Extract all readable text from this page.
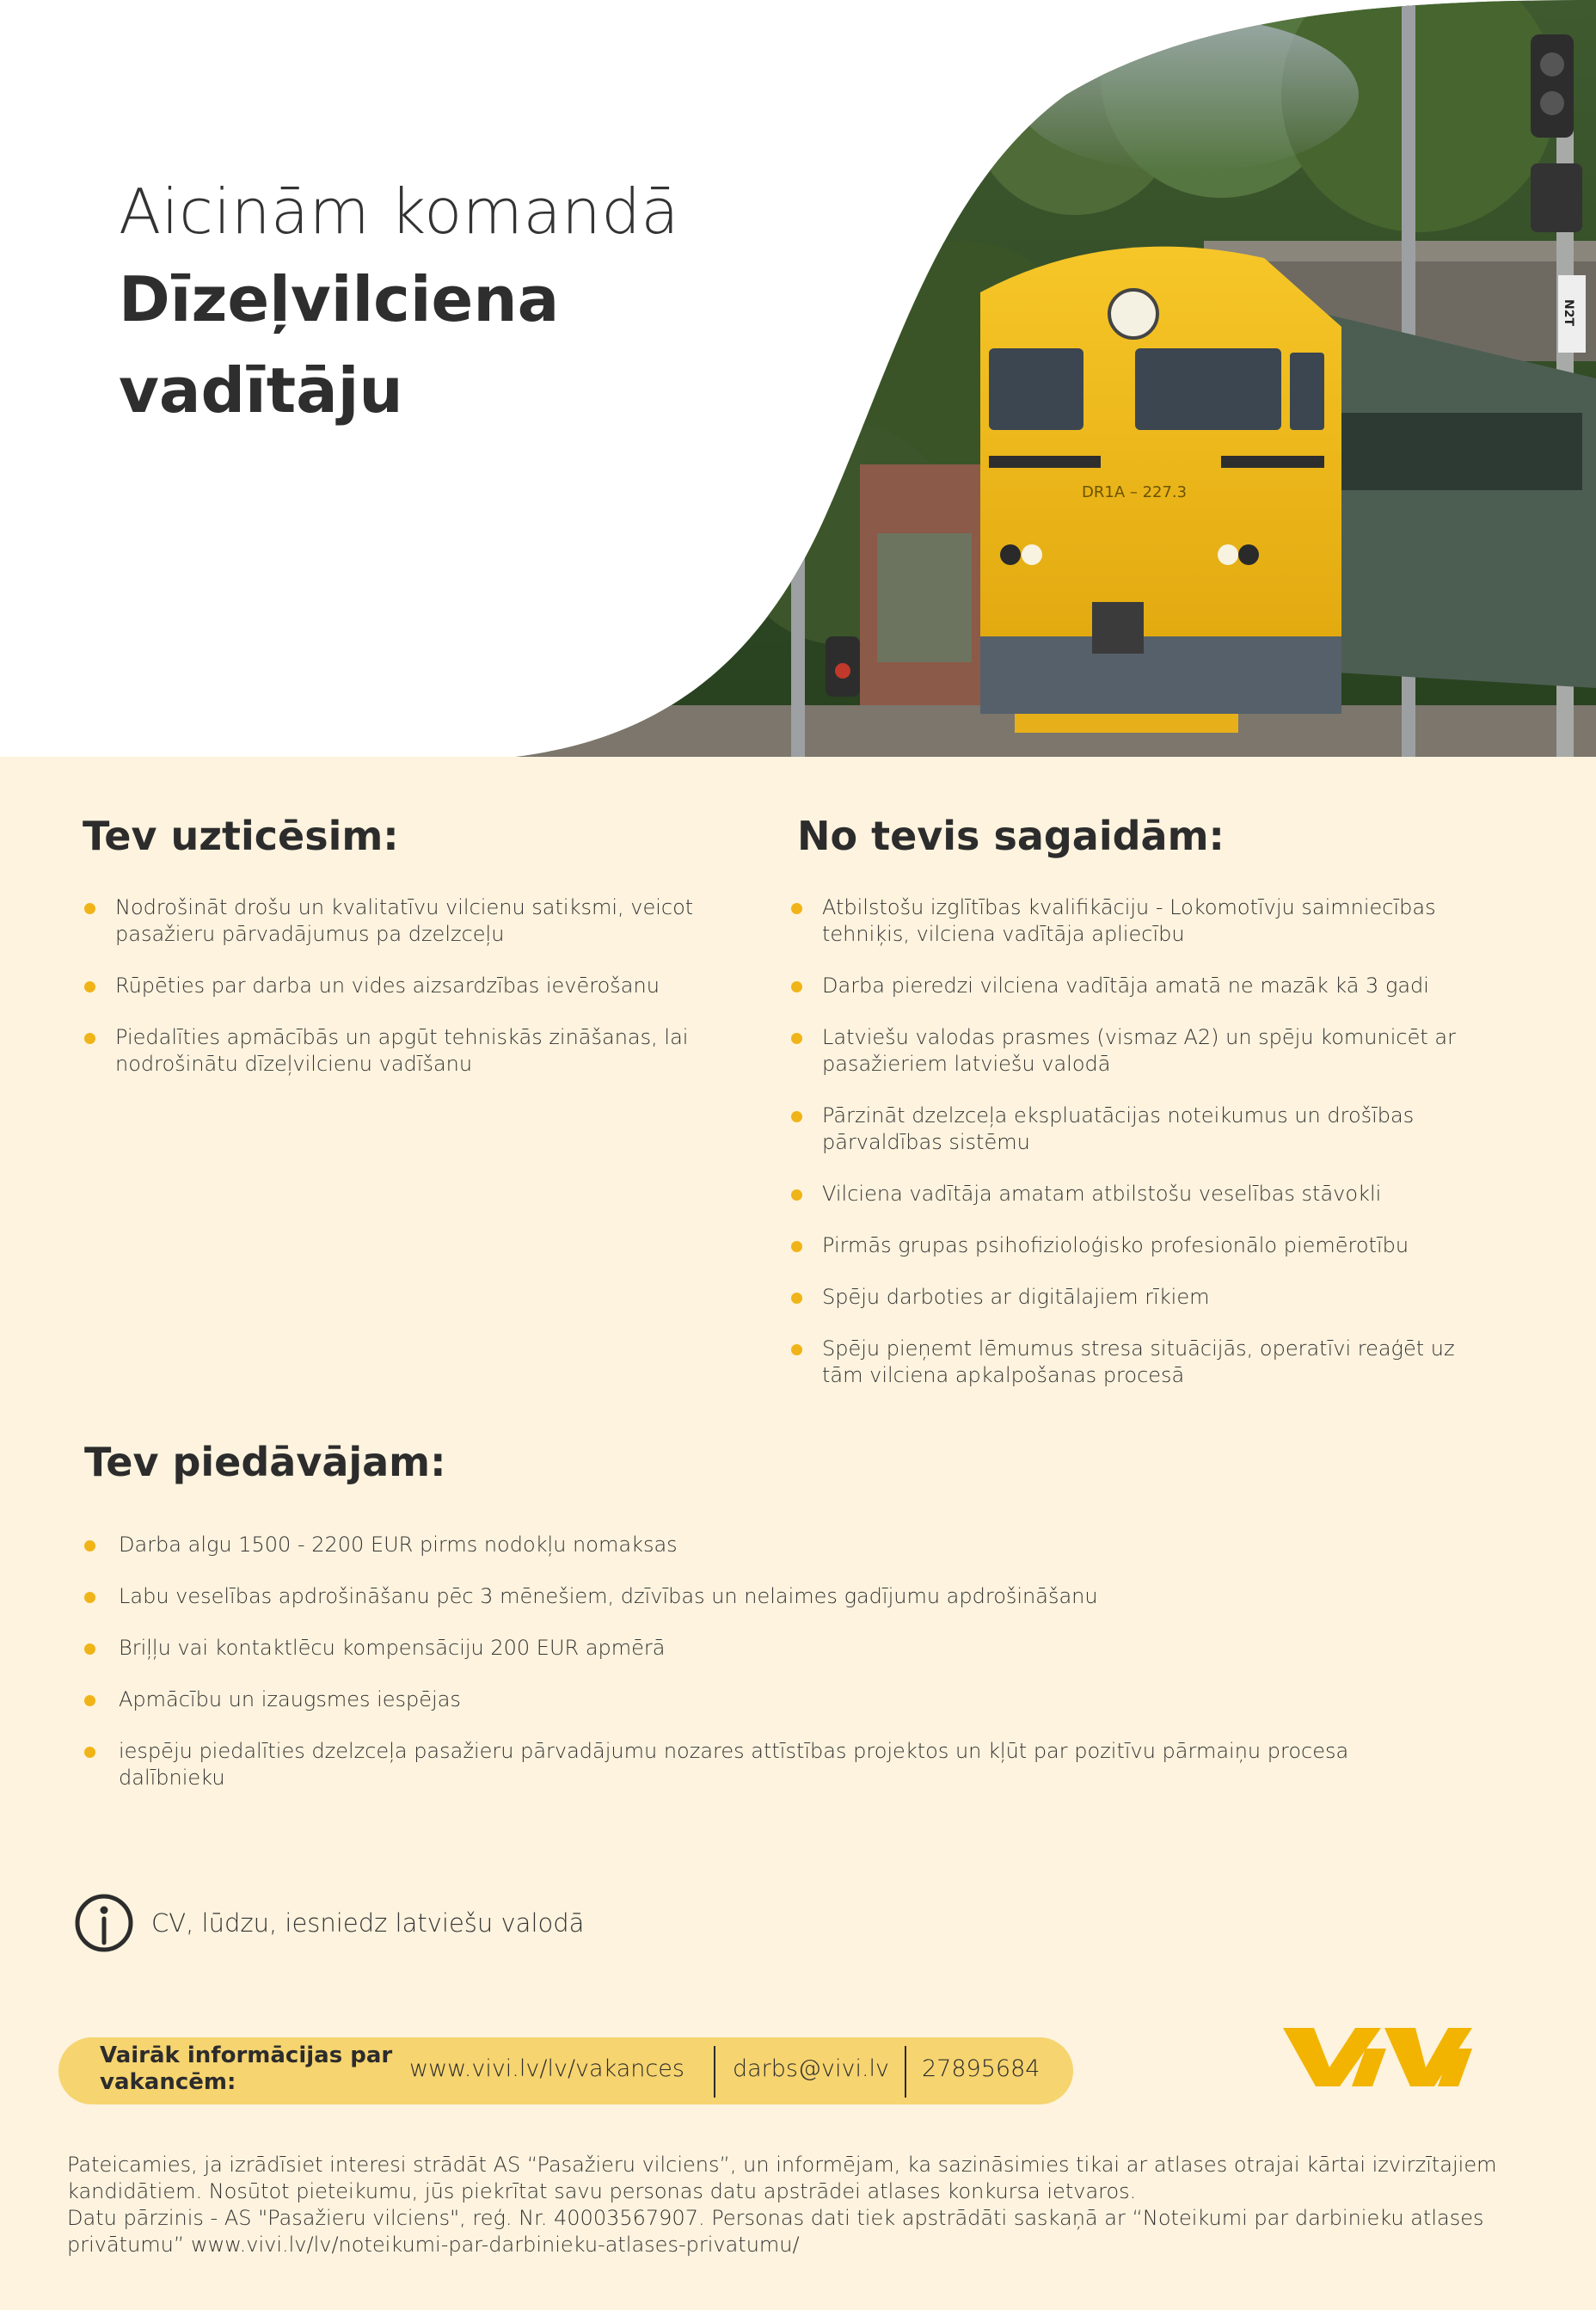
DR1A – 227.3
N2T
Aicinām komandā
Dīzeļvilciena
vadītāju
Tev uzticēsim:
Nodrošināt drošu un kvalitatīvu vilcienu satiksmi, veicot pasažieru pārvadājumus pa dzelzceļu
Rūpēties par darba un vides aizsardzības ievērošanu
Piedalīties apmācībās un apgūt tehniskās zināšanas, lai nodrošinātu dīzeļvilcienu vadīšanu
No tevis sagaidām:
Atbilstošu izglītības kvalifikāciju - Lokomotīvju saimniecības tehniķis, vilciena vadītāja apliecību
Darba pieredzi vilciena vadītāja amatā ne mazāk kā 3 gadi
Latviešu valodas prasmes (vismaz A2) un spēju komunicēt ar pasažieriem latviešu valodā
Pārzināt dzelzceļa ekspluatācijas noteikumus un drošības pārvaldības sistēmu
Vilciena vadītāja amatam atbilstošu veselības stāvokli
Pirmās grupas psihofizioloģisko profesionālo piemērotību
Spēju darboties ar digitālajiem rīkiem
Spēju pieņemt lēmumus stresa situācijās, operatīvi reaģēt uz tām vilciena apkalpošanas procesā
Tev piedāvājam:
Darba algu 1500 - 2200 EUR pirms nodokļu nomaksas
Labu veselības apdrošināšanu pēc 3 mēnešiem, dzīvības un nelaimes gadījumu apdrošināšanu
Briļļu vai kontaktlēcu kompensāciju 200 EUR apmērā
Apmācību un izaugsmes iespējas
iespēju piedalīties dzelzceļa pasažieru pārvadājumu nozares attīstības projektos un kļūt par pozitīvu pārmaiņu procesa dalībnieku
CV, lūdzu, iesniedz latviešu valodā
Vairāk informācijas par vakancēm:	www.vivi.lv/lv/vakances darbs@vivi.lv 27895684

Pateicamies, ja izrādīsiet interesi strādāt AS “Pasažieru vilciens”, un informējam, ka sazināsimies tikai ar atlases otrajai kārtai izvirzītajiem kandidātiem. Nosūtot pieteikumu, jūs piekrītat savu personas datu apstrādei atlases konkursa ietvaros.

Datu pārzinis - AS "Pasažieru vilciens", reģ. Nr. 40003567907. Personas dati tiek apstrādāti saskaņā ar “Noteikumi par darbinieku atlases privātumu” www.vivi.lv/lv/noteikumi-par-darbinieku-atlases-privatumu/
